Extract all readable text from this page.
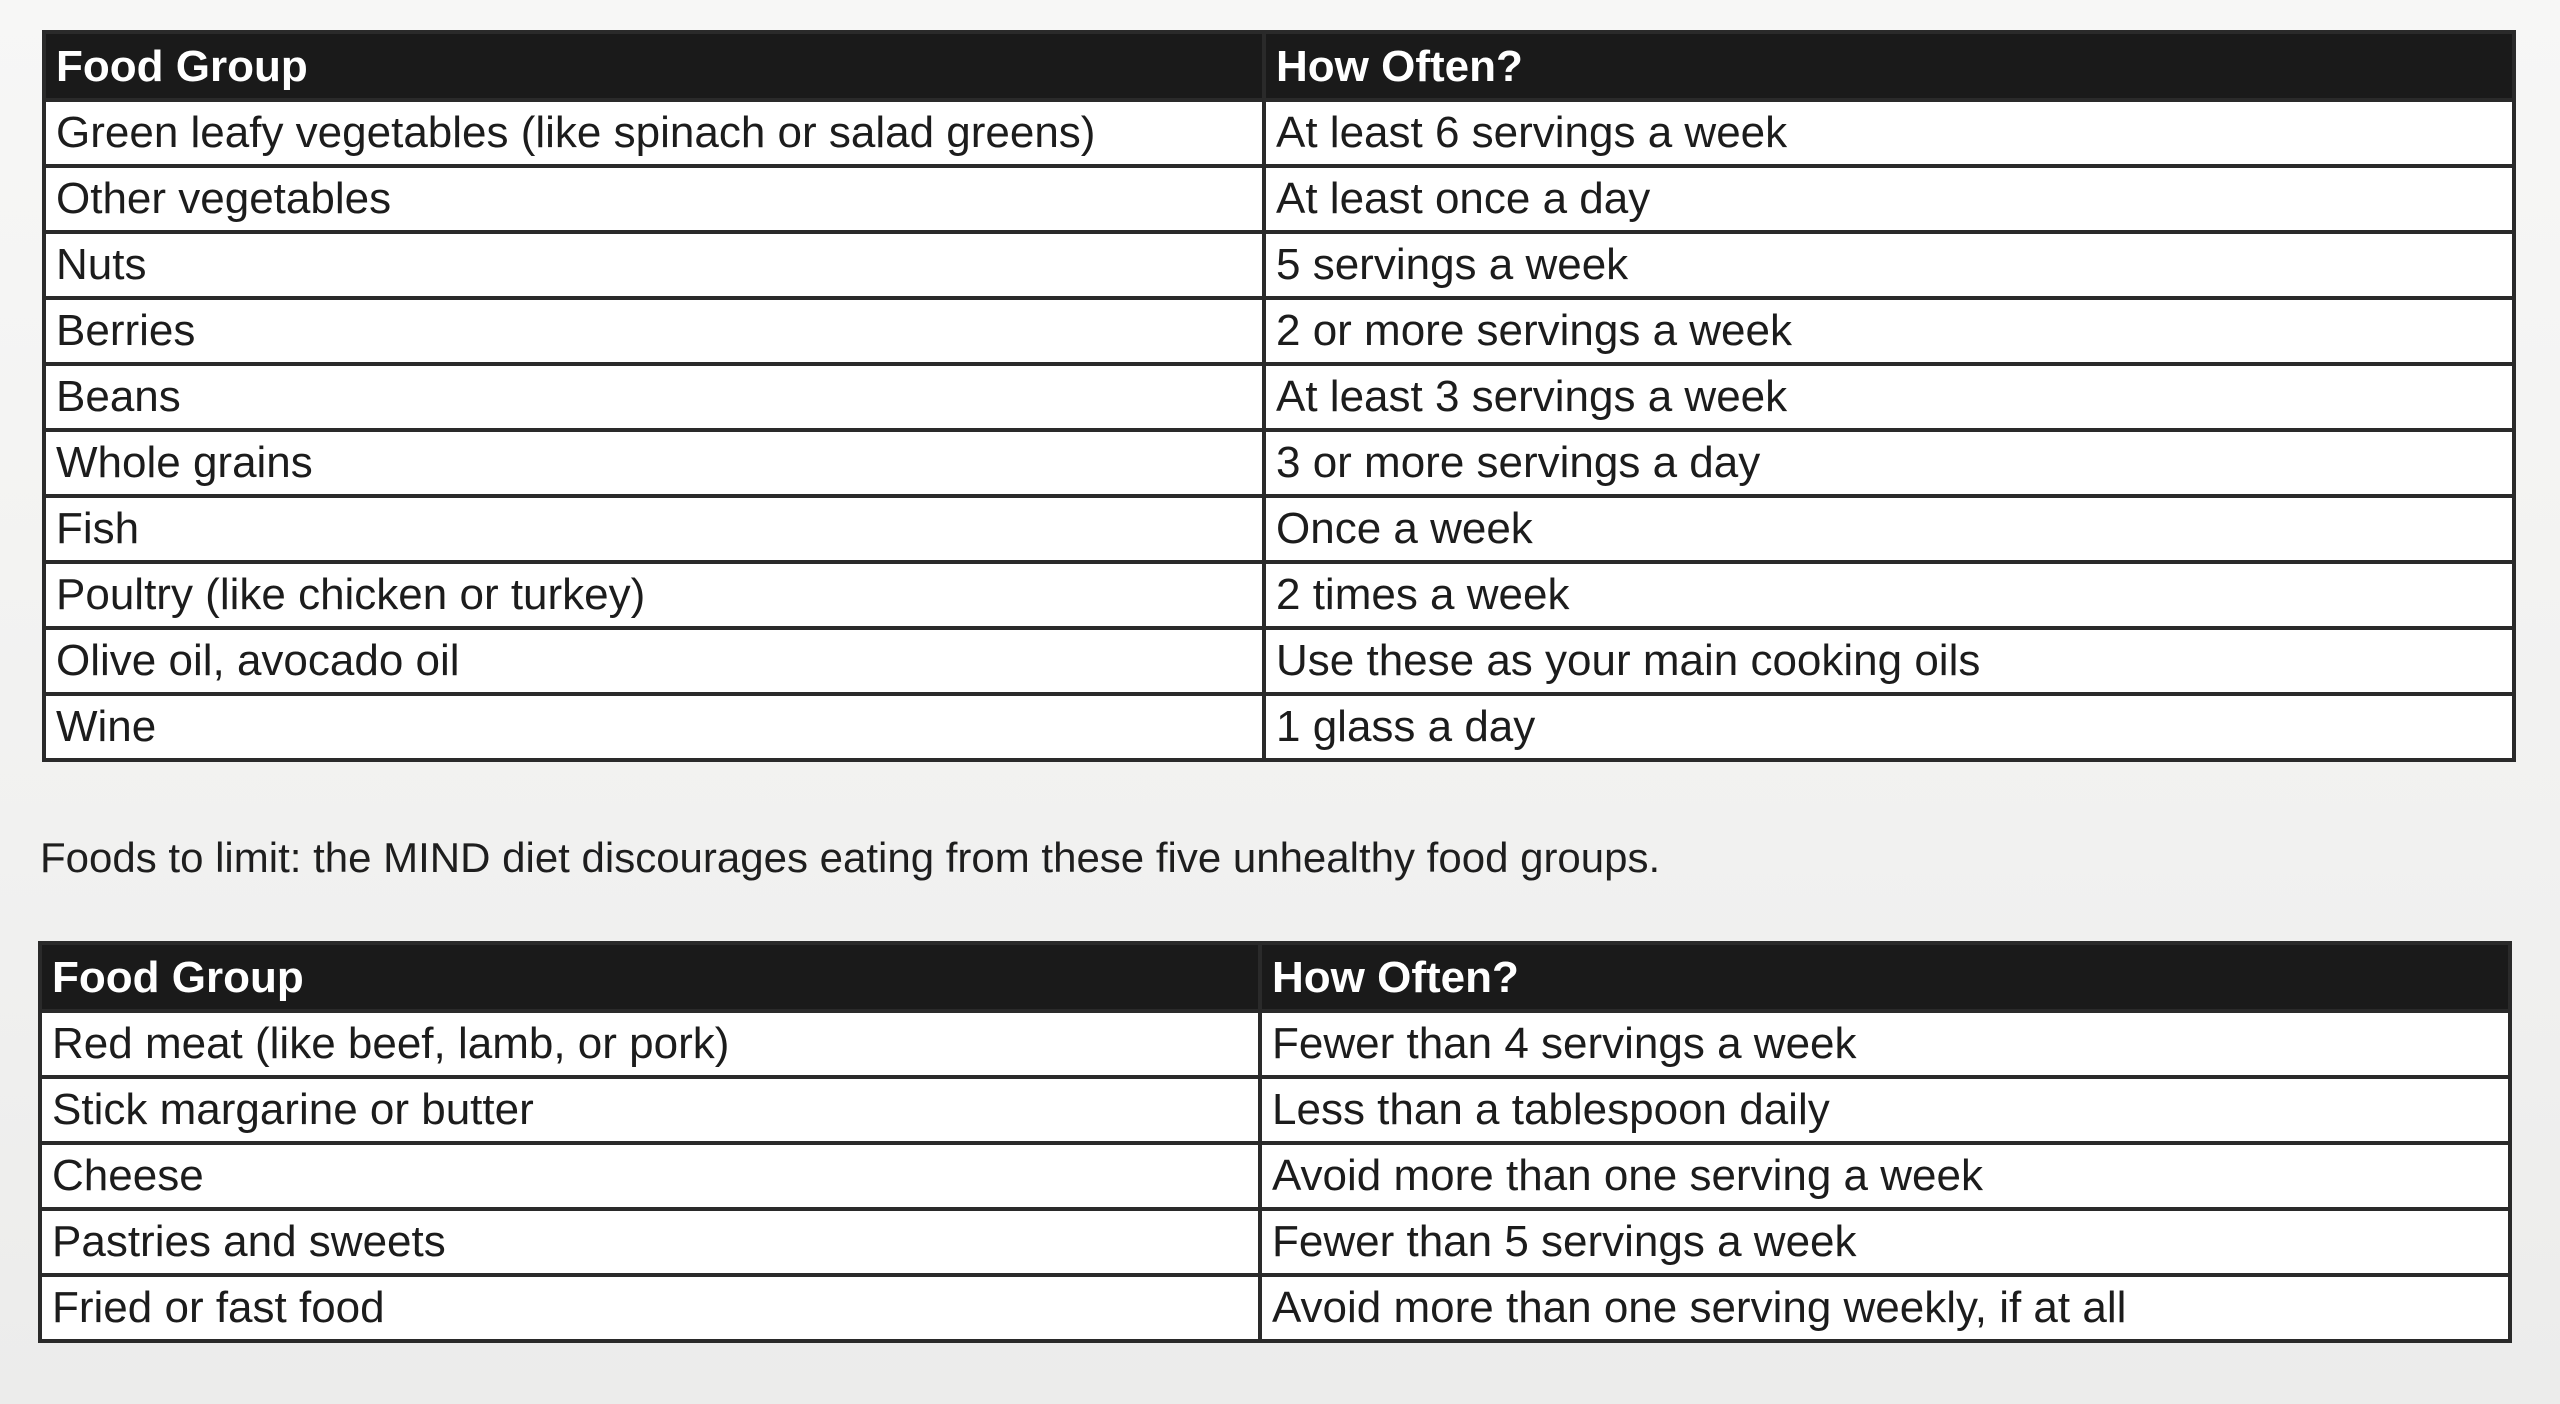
Food Group	How Often?
Green leafy vegetables (like spinach or salad greens)	At least 6 servings a week
Other vegetables	At least once a day
Nuts	5 servings a week
Berries	2 or more servings a week
Beans	At least 3 servings a week
Whole grains	3 or more servings a day
Fish	Once a week
Poultry (like chicken or turkey)	2 times a week
Olive oil, avocado oil	Use these as your main cooking oils
Wine	1 glass a day
Foods to limit: the MIND diet discourages eating from these five unhealthy food groups.
Food Group	How Often?
Red meat (like beef, lamb, or pork)	Fewer than 4 servings a week
Stick margarine or butter	Less than a tablespoon daily
Cheese	Avoid more than one serving a week
Pastries and sweets	Fewer than 5 servings a week
Fried or fast food	Avoid more than one serving weekly, if at all
